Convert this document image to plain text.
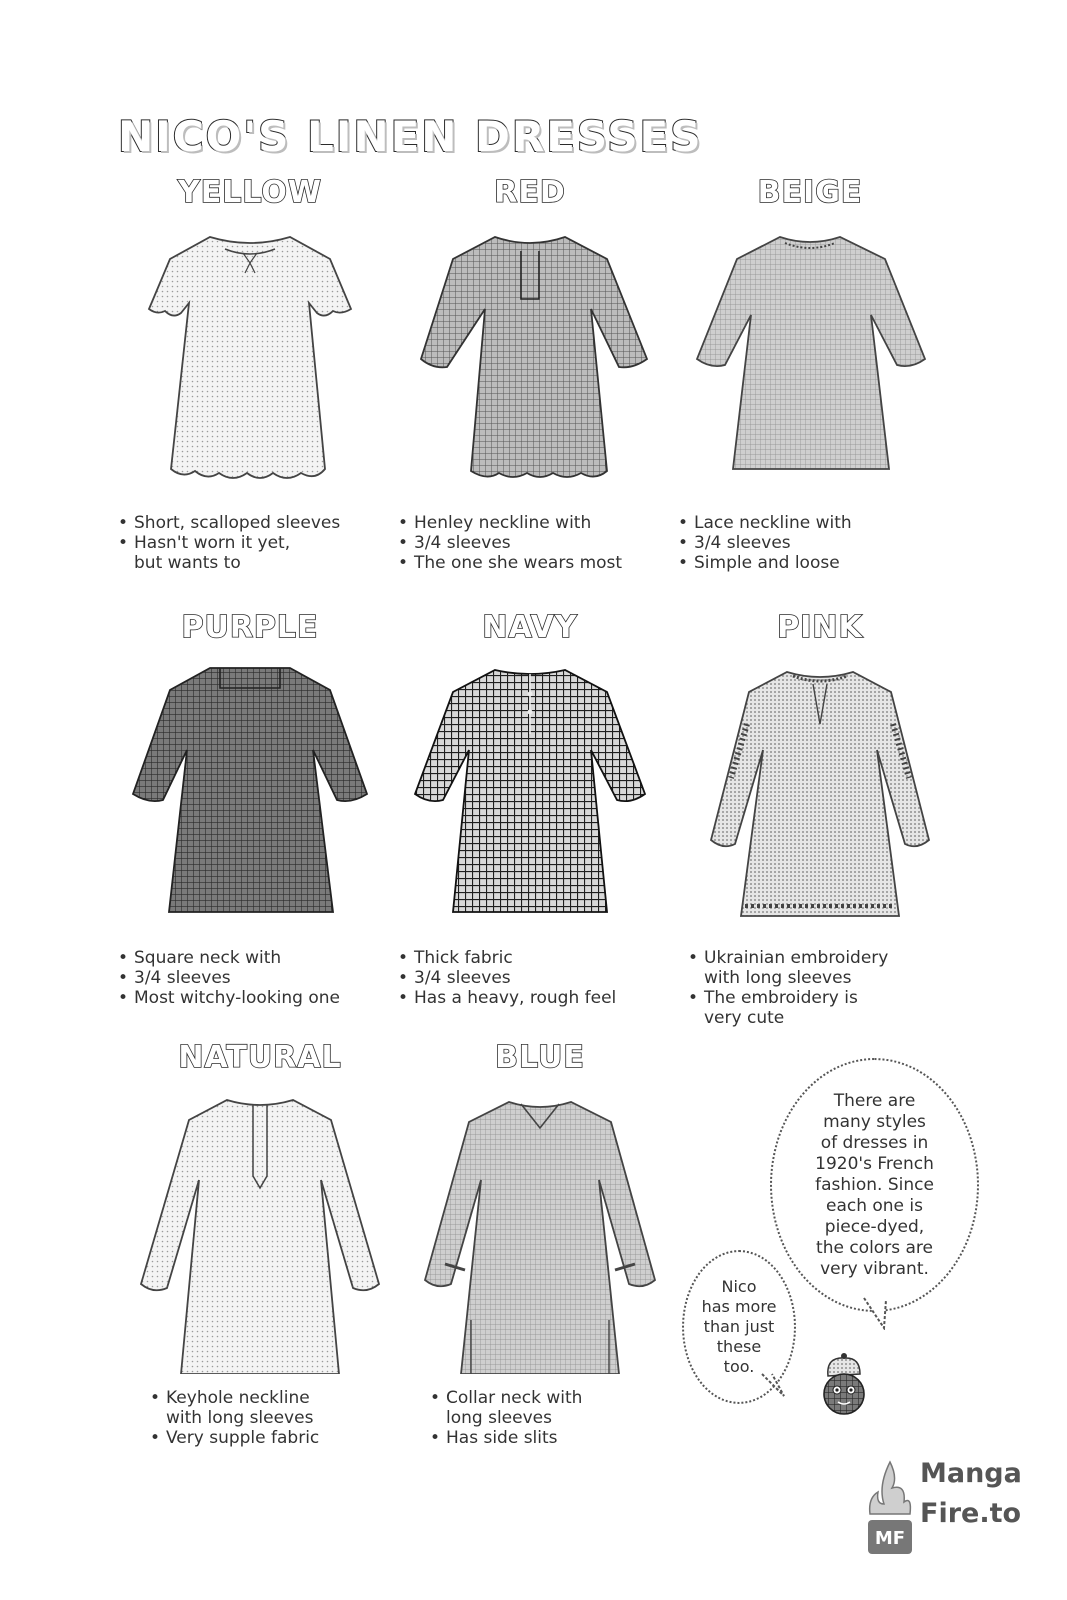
NICO'S LINEN DRESSES
YELLOW
• Short, scalloped sleeves
• Hasn't worn it yet,
but wants to
RED
• Henley neckline with
• 3/4 sleeves
• The one she wears most
BEIGE
• Lace neckline with
• 3/4 sleeves
• Simple and loose
PURPLE
• Square neck with
• 3/4 sleeves
• Most witchy-looking one
NAVY
• Thick fabric
• 3/4 sleeves
• Has a heavy, rough feel
PINK
• Ukrainian embroidery
with long sleeves
• The embroidery is
very cute
NATURAL
• Keyhole neckline
with long sleeves
• Very supple fabric
BLUE
• Collar neck with
long sleeves
• Has side slits
There are
many styles
of dresses in
1920's French
fashion. Since
each one is
piece-dyed,
the colors are
very vibrant.
Nico
has more
than just
these
too.
MF
Manga
Fire.to
